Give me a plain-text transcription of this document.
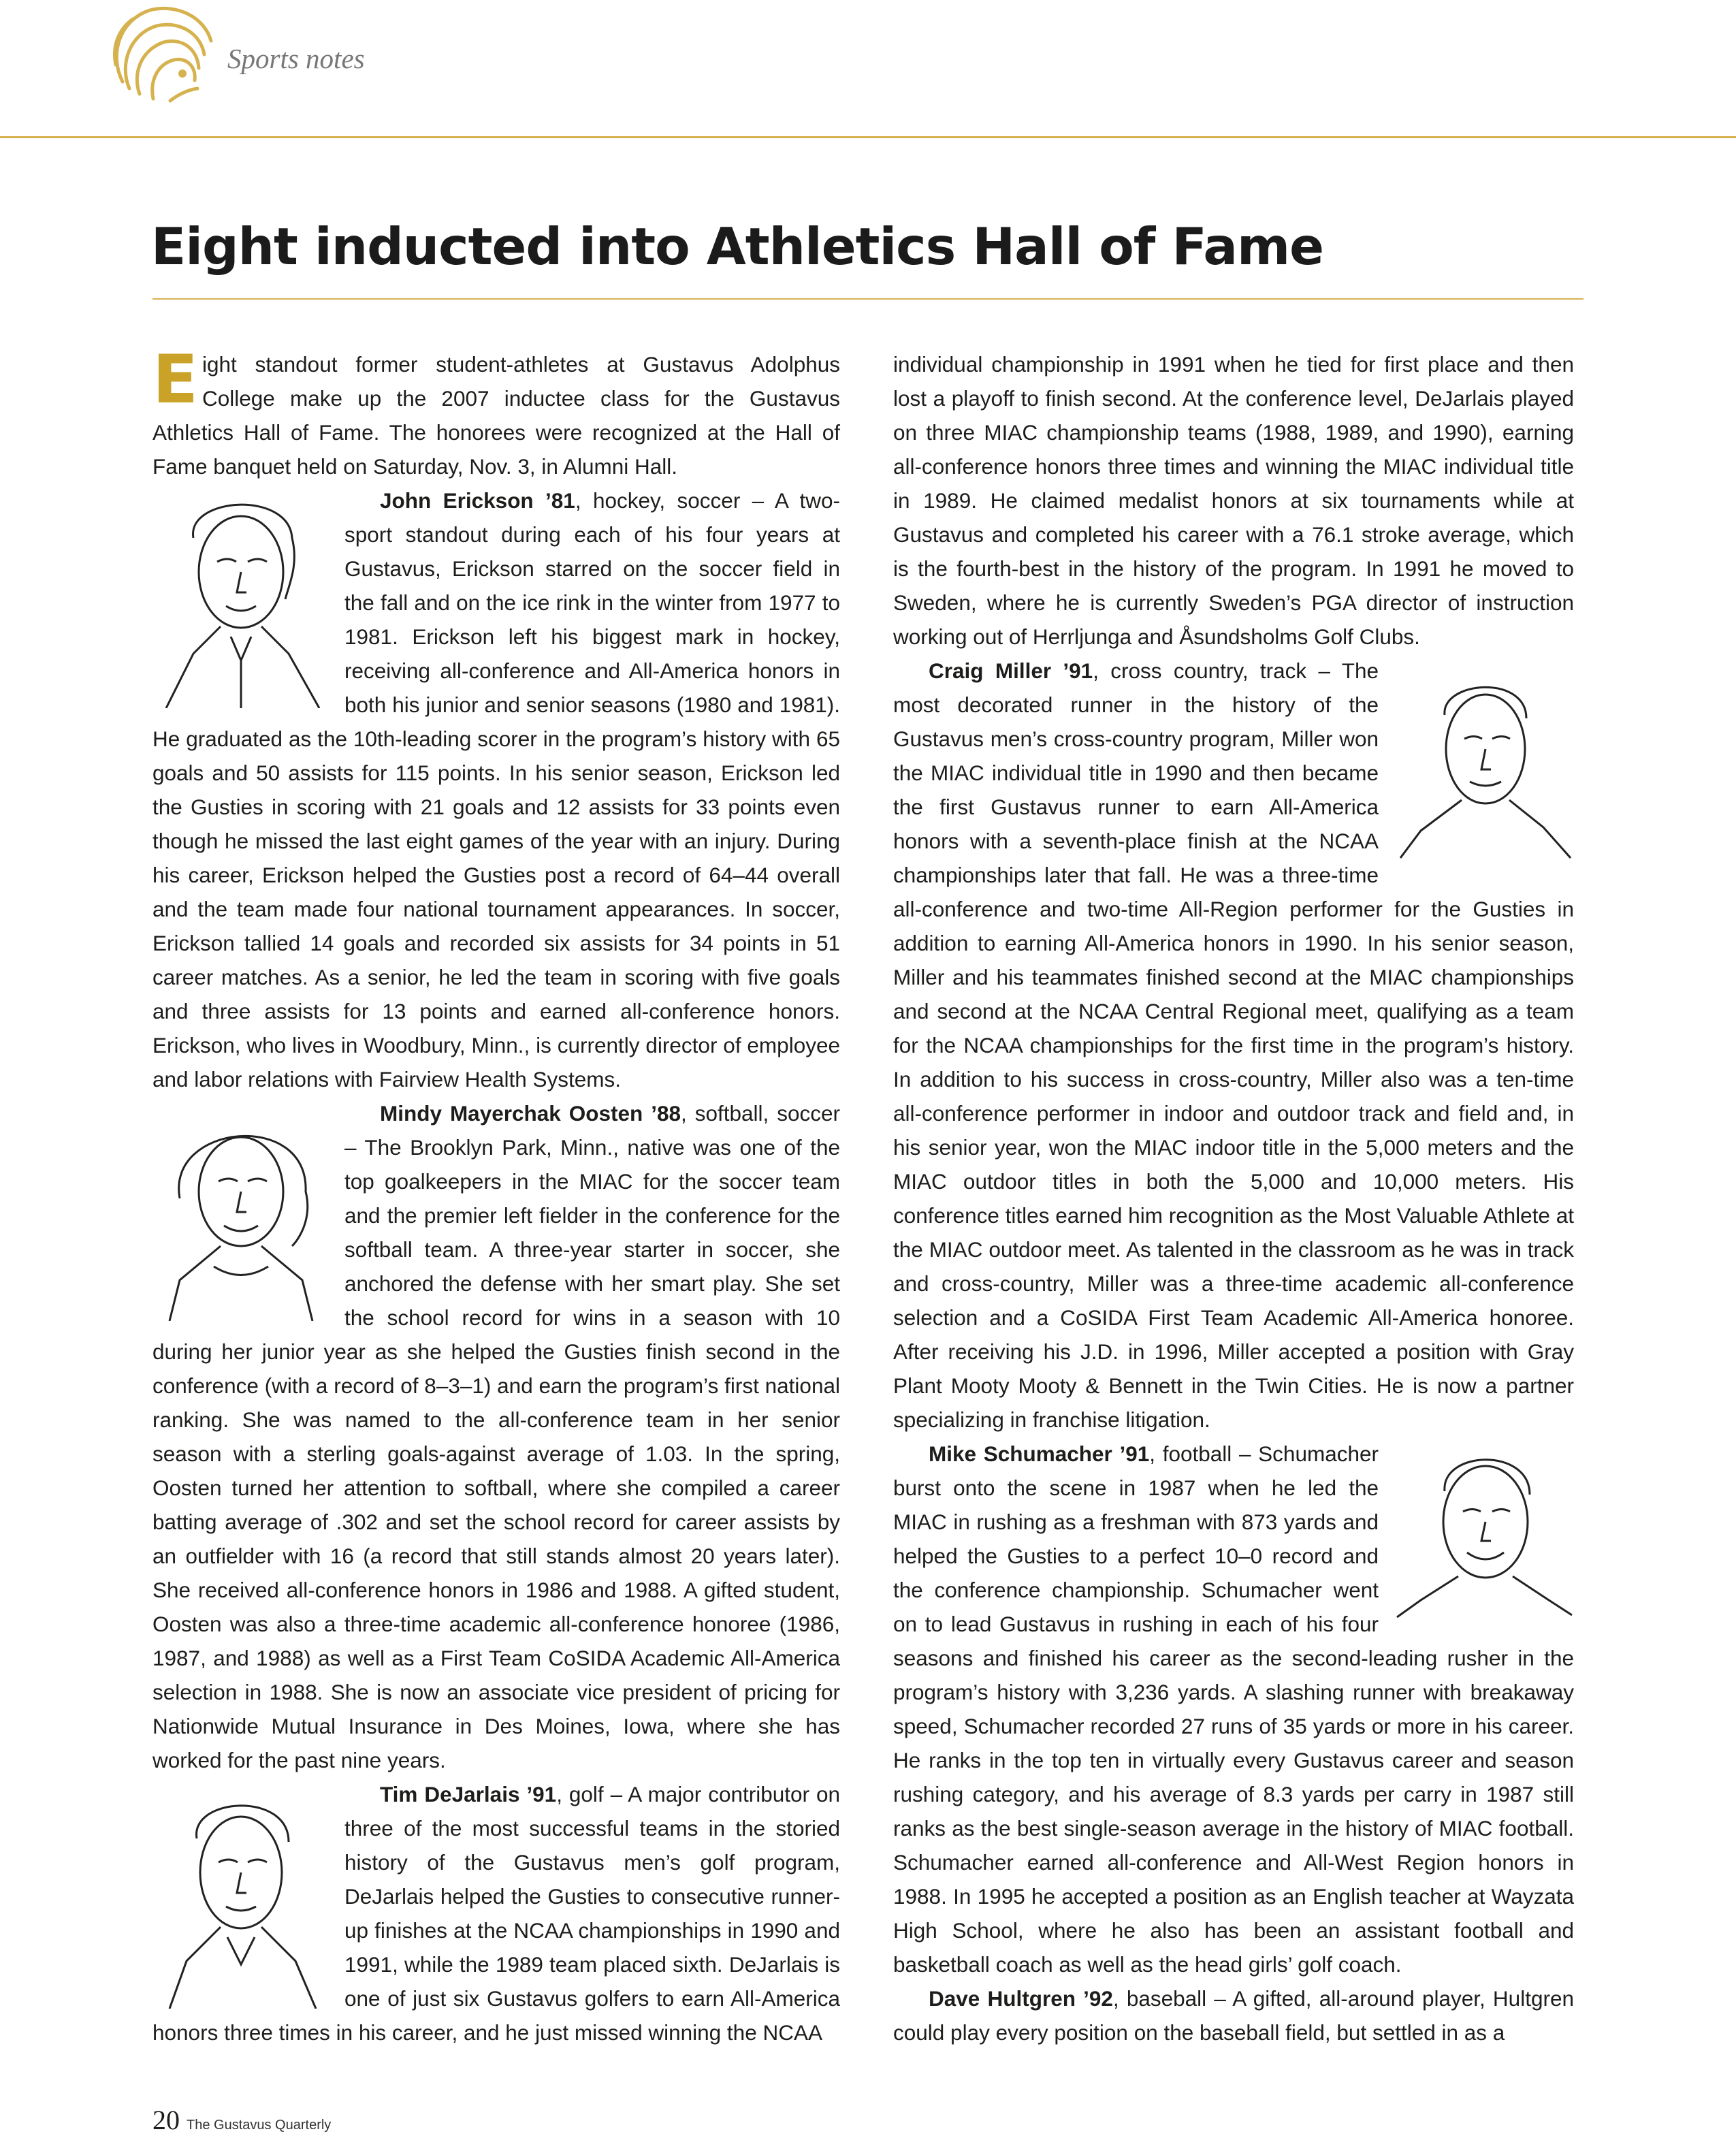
Sports notes
Eight inducted into Athletics Hall of Fame

Eight standout former student-athletes at Gustavus Adolphus College make up the 2007 inductee class for the Gustavus Athletics Hall of Fame. The honorees were recognized at the Hall of Fame banquet held on Saturday, Nov. 3, in Alumni Hall.

John Erickson ’81, hockey, soccer – A two-sport standout during each of his four years at Gustavus, Erickson starred on the soccer field in the fall and on the ice rink in the winter from 1977 to 1981. Erickson left his biggest mark in hockey, receiving all-conference and All-America honors in both his junior and senior seasons (1980 and 1981). He graduated as the 10th-leading scorer in the program’s history with 65 goals and 50 assists for 115 points. In his senior season, Erickson led the Gusties in scoring with 21 goals and 12 assists for 33 points even though he missed the last eight games of the year with an injury. During his career, Erickson helped the Gusties post a record of 64–44 overall and the team made four national tournament appearances. In soccer, Erickson tallied 14 goals and recorded six assists for 34 points in 51 career matches. As a senior, he led the team in scoring with five goals and three assists for 13 points and earned all-conference honors. Erickson, who lives in Woodbury, Minn., is currently director of employee and labor relations with Fairview Health Systems.

Mindy Mayerchak Oosten ’88, softball, soccer – The Brooklyn Park, Minn., native was one of the top goalkeepers in the MIAC for the soccer team and the premier left fielder in the conference for the softball team. A three-year starter in soccer, she anchored the defense with her smart play. She set the school record for wins in a season with 10 during her junior year as she helped the Gusties finish second in the conference (with a record of 8–3–1) and earn the program’s first national ranking. She was named to the all-conference team in her senior season with a sterling goals-against average of 1.03. In the spring, Oosten turned her attention to softball, where she compiled a career batting average of .302 and set the school record for career assists by an outfielder with 16 (a record that still stands almost 20 years later). She received all-conference honors in 1986 and 1988. A gifted student, Oosten was also a three-time academic all-conference honoree (1986, 1987, and 1988) as well as a First Team CoSIDA Academic All-America selection in 1988. She is now an associate vice president of pricing for Nationwide Mutual Insurance in Des Moines, Iowa, where she has worked for the past nine years.

Tim DeJarlais ’91, golf – A major contributor on three of the most successful teams in the storied history of the Gustavus men’s golf program, DeJarlais helped the Gusties to consecutive runner-up finishes at the NCAA championships in 1990 and 1991, while the 1989 team placed sixth. DeJarlais is one of just six Gustavus golfers to earn All-America honors three times in his career, and he just missed winning the NCAA

individual championship in 1991 when he tied for first place and then lost a playoff to finish second. At the conference level, DeJarlais played on three MIAC championship teams (1988, 1989, and 1990), earning all-conference honors three times and winning the MIAC individual title in 1989. He claimed medalist honors at six tournaments while at Gustavus and completed his career with a 76.1 stroke average, which is the fourth-best in the history of the program. In 1991 he moved to Sweden, where he is currently Sweden’s PGA director of instruction working out of Herrljunga and Åsundsholms Golf Clubs.

Craig Miller ’91, cross country, track – The most decorated runner in the history of the Gustavus men’s cross-country program, Miller won the MIAC individual title in 1990 and then became the first Gustavus runner to earn All-America honors with a seventh-place finish at the NCAA championships later that fall. He was a three-time all-conference and two-time All-Region performer for the Gusties in addition to earning All-America honors in 1990. In his senior season, Miller and his teammates finished second at the MIAC championships and second at the NCAA Central Regional meet, qualifying as a team for the NCAA championships for the first time in the program’s history. In addition to his success in cross-country, Miller also was a ten-time all-conference performer in indoor and outdoor track and field and, in his senior year, won the MIAC indoor title in the 5,000 meters and the MIAC outdoor titles in both the 5,000 and 10,000 meters. His conference titles earned him recognition as the Most Valuable Athlete at the MIAC outdoor meet. As talented in the classroom as he was in track and cross-country, Miller was a three-time academic all-conference selection and a CoSIDA First Team Academic All-America honoree. After receiving his J.D. in 1996, Miller accepted a position with Gray Plant Mooty Mooty & Bennett in the Twin Cities. He is now a partner specializing in franchise litigation.

Mike Schumacher ’91, football – Schumacher burst onto the scene in 1987 when he led the MIAC in rushing as a freshman with 873 yards and helped the Gusties to a perfect 10–0 record and the conference championship. Schumacher went on to lead Gustavus in rushing in each of his four seasons and finished his career as the second-leading rusher in the program’s history with 3,236 yards. A slashing runner with breakaway speed, Schumacher recorded 27 runs of 35 yards or more in his career. He ranks in the top ten in virtually every Gustavus career and season rushing category, and his average of 8.3 yards per carry in 1987 still ranks as the best single-season average in the history of MIAC football. Schumacher earned all-conference and All-West Region honors in 1988. In 1995 he accepted a position as an English teacher at Wayzata High School, where he also has been an assistant football and basketball coach as well as the head girls’ golf coach.

Dave Hultgren ’92, baseball – A gifted, all-around player, Hultgren could play every position on the baseball field, but settled in as a

20 The Gustavus Quarterly
